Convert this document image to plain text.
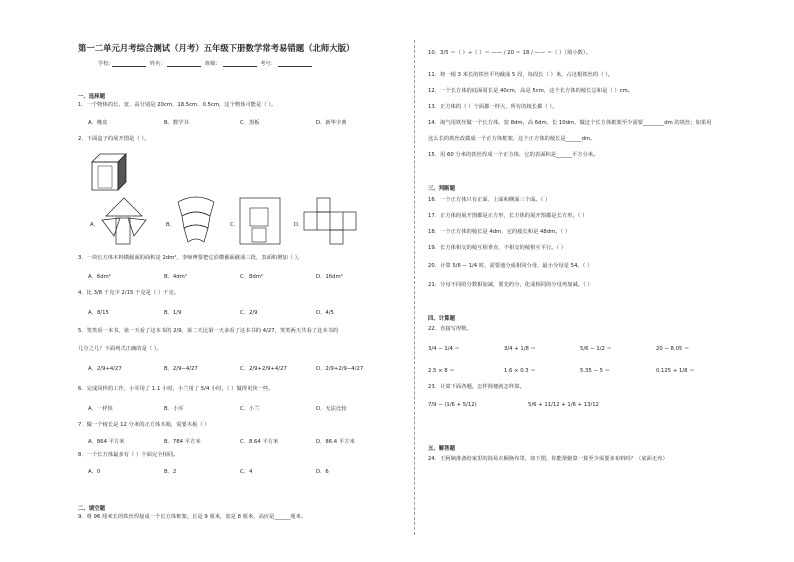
第一二单元月考综合测试（月考）五年级下册数学常考易错题（北师大版）
学校:	姓名：	班级：	考号：
一、选择题
1．一个物体的长、宽、高分别是 20cm、18.5cm、0.5cm，这个物体可能是（ ）。
A．橡皮	B．数学书	C．黑板	D．新华字典
2．下面盒子的展开图是（ ）。
A．	B．	C．	D．
3．一块长方体木料横截面的面积是 2dm²，李师傅要把它沿横截面截成三段，表面积增加（ ）。
A．6dm²	B．4dm²	C．8dm²	D．16dm²
4．比 3/8 千克少 2/15 千克是（ ）千克。
A．8/15	B．1/9	C．2/9	D．4/5
5．笑笑看一本书，第一天看了这本书的 2/9，第二天比第一天多看了这本书的 4/27，笑笑两天共看了这本书的
几分之几？下面列式正确的是（ ）。
A．2/9+4/27	B．2/9−4/27	C．2/9+2/9+4/27	D．2/9+2/9−4/27
6．完成同样的工作，小军用了 1.1 小时，小兰用了 5/4 小时，（ ）做得更快一些。
A．一样快	B．小军	C．小兰	D．无法比较
7．做一个棱长是 12 分米的正方体木箱，需要木板（ ）
A．864 平方米	B．784 平方米	C．8.64 平方米	D．86.4 平方米
8．一个长方体最多有（ ）个面完全相同。
A．0	B．2	C．4	D．6
二、填空题
9．将 96 厘米长的铁丝焊接成一个长方体框架，长是 9 厘米，宽是 8 厘米，高应是______厘米。
10．3/5 ＝（ ）÷（ ）＝ —— / 20 ＝ 18 / —— ＝（ ）（填小数）。
11．将一根 3 米长的铁丝平均截成 5 段，每段长（ ）米，占这根铁丝的（ ）。
12．一个长方体的底面周长是 40cm，高是 5cm，这个长方体的棱长总和是（ ）cm。
13．正方体的（ ）个面都一样大，所有的棱长都（ ）。
14．淘气用铁丝做一个长方体，宽 8dm，高 6dm，长 10dm，做这个长方体框架至少需要________dm 的铁丝；如果用
这么长的铁丝改做成一个正方体框架，这个正方体的棱长是______dm。
15．用 60 分米的铁丝焊成一个正方体，它的表面积是______平方分米。
三、判断题
16．一个正方体只有正面、上面和侧面三个面。（ ）
17．正方体的展开图都是正方形，长方体的展开图都是长方形。（ ）
18．一个正方体的棱长是 4dm，它的棱长和是 48dm。（ ）
19．长方体相交的棱互相垂直，不相交的棱相互平行。（ ）
20．计算 5/6 − 1/4 时，需要通分成相同分母，最小分母是 54。（ ）
21．分母不同的分数相加减，要先约分，化成相同的分母再加减。（ ）
四、计算题
22．直接写得数。
3/4 − 1/4 ＝	3/4 + 1/8 ＝	5/6 − 1/2 ＝	20 − 8.05 ＝
2.5 × 8 ＝	1.6 × 0.3 ＝	5.35 − 5 ＝	0.125 + 1/8 ＝
23．计算下面各题，怎样简便就怎样算。
7/9 − (1/6 + 5/12)	5/6 + 11/12 + 1/6 + 13/12
五、解答题
24．王阿姨准备给家里的简易衣橱换布罩，如下图，你能帮她算一算至少需要多布料吗？（底面无布）
